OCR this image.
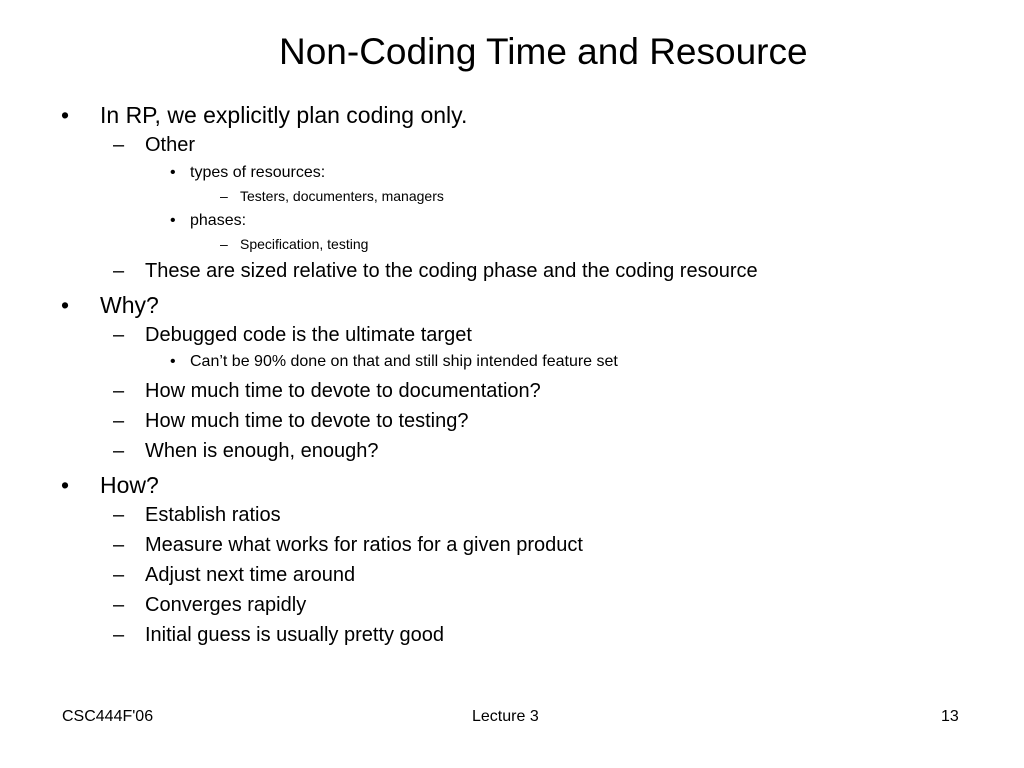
Non-Coding Time and Resource
• In RP, we explicitly plan coding only.
– Other
• types of resources:
– Testers, documenters, managers
• phases:
– Specification, testing
– These are sized relative to the coding phase and the coding resource
• Why?
– Debugged code is the ultimate target
• Can’t be 90% done on that and still ship intended feature set
– How much time to devote to documentation?
– How much time to devote to testing?
– When is enough, enough?
• How?
– Establish ratios
– Measure what works for ratios for a given product
– Adjust next time around
– Converges rapidly
– Initial guess is usually pretty good
CSC444F'06	Lecture 3	13
